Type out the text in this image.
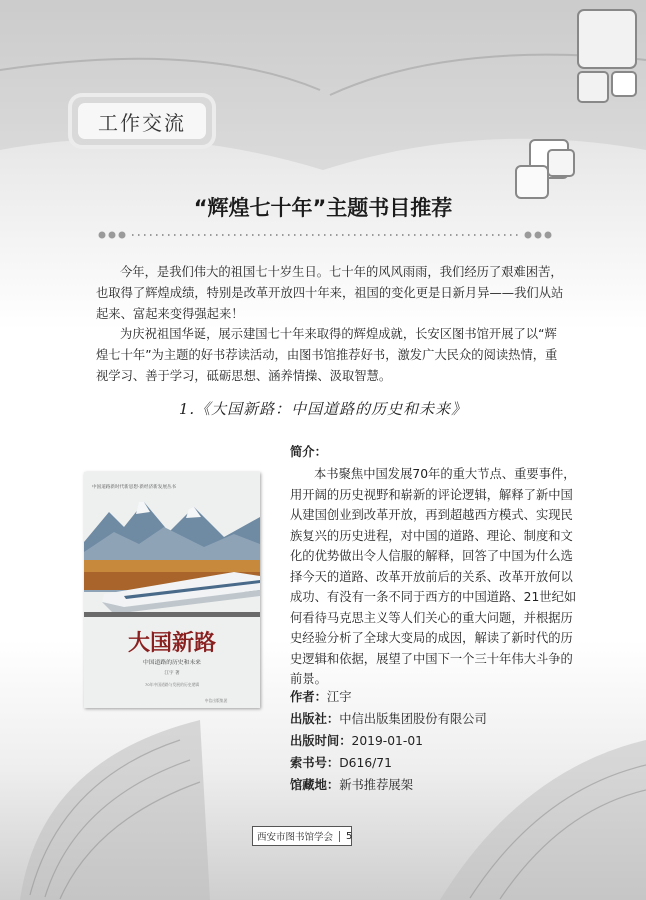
工作交流
“辉煌七十年”主题书目推荐
今年，是我们伟大的祖国七十岁生日。七十年的风风雨雨，我们经历了艰难困苦，
也取得了辉煌成绩，特别是改革开放四十年来，祖国的变化更是日新月异——我们从站
起来、富起来变得强起来！
为庆祝祖国华诞，展示建国七十年来取得的辉煌成就，长安区图书馆开展了以“辉
煌七十年”为主题的好书荐读活动，由图书馆推荐好书，激发广大民众的阅读热情，重
视学习、善于学习，砥砺思想、涵养情操、汲取智慧。
1.《大国新路：中国道路的历史和未来》
中国道路新时代新思想·新经济新发展丛书
大国新路
中国道路的历史和未来
江宇 著
70年中国道路与发展的历史逻辑
中信出版集团
简介：
本书聚焦中国发展70年的重大节点、重要事件，
用开阔的历史视野和崭新的评论逻辑，解释了新中国
从建国创业到改革开放，再到超越西方模式、实现民
族复兴的历史进程，对中国的道路、理论、制度和文
化的优势做出令人信服的解释，回答了中国为什么选
择今天的道路、改革开放前后的关系、改革开放何以
成功、有没有一条不同于西方的中国道路、21世纪如
何看待马克思主义等人们关心的重大问题，并根据历
史经验分析了全球大变局的成因，解读了新时代的历
史逻辑和依据，展望了中国下一个三十年伟大斗争的
前景。
作者：江宇
出版社：中信出版集团股份有限公司
出版时间：2019-01-01
索书号：D616/71
馆藏地：新书推荐展架
西安市图书馆学会	5
